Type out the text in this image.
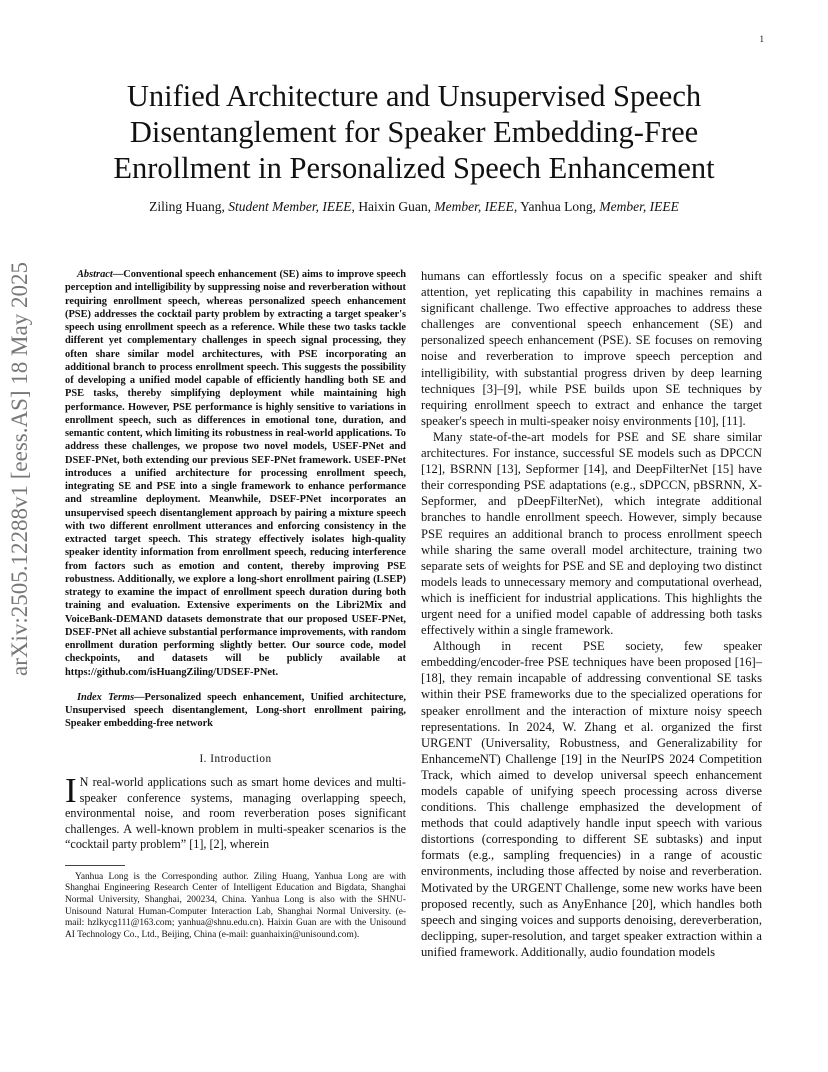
1
Unified Architecture and Unsupervised Speech Disentanglement for Speaker Embedding-Free Enrollment in Personalized Speech Enhancement
Ziling Huang, Student Member, IEEE, Haixin Guan, Member, IEEE, Yanhua Long, Member, IEEE
arXiv:2505.12288v1 [eess.AS] 18 May 2025	Abstract—Conventional speech enhancement (SE) aims to improve speech perception and intelligibility by suppressing noise and reverberation without requiring enrollment speech, whereas personalized speech enhancement (PSE) addresses the cocktail party problem by extracting a target speaker's speech using enrollment speech as a reference. While these two tasks tackle different yet complementary challenges in speech signal processing, they often share similar model architectures, with PSE incorporating an additional branch to process enrollment speech. This suggests the possibility of developing a unified model capable of efficiently handling both SE and PSE tasks, thereby simplifying deployment while maintaining high performance. However, PSE performance is highly sensitive to variations in enrollment speech, such as differences in emotional tone, duration, and semantic content, which limiting its robustness in real-world applications. To address these challenges, we propose two novel models, USEF-PNet and DSEF-PNet, both extending our previous SEF-PNet framework. USEF-PNet introduces a unified architecture for processing enrollment speech, integrating SE and PSE into a single framework to enhance performance and streamline deployment. Meanwhile, DSEF-PNet incorporates an unsupervised speech disentanglement approach by pairing a mixture speech with two different enrollment utterances and enforcing consistency in the extracted target speech. This strategy effectively isolates high-quality speaker identity information from enrollment speech, reducing interference from factors such as emotion and content, thereby improving PSE robustness. Additionally, we explore a long-short enrollment pairing (LSEP) strategy to examine the impact of enrollment speech duration during both training and evaluation. Extensive experiments on the Libri2Mix and VoiceBank-DEMAND datasets demonstrate that our proposed USEF-PNet, DSEF-PNet all achieve substantial performance improvements, with random enrollment duration performing slightly better. Our source code, model checkpoints, and datasets will be publicly available at https://github.com/isHuangZiling/UDSEF-PNet.

Index Terms—Personalized speech enhancement, Unified architecture, Unsupervised speech disentanglement, Long-short enrollment pairing, Speaker embedding-free network

I. Introduction

I N real-world applications such as smart home devices and multi-speaker conference systems, managing overlapping speech, environmental noise, and room reverberation poses significant challenges. A well-known problem in multi-speaker scenarios is the “cocktail party problem” [1], [2], wherein

Yanhua Long is the Corresponding author. Ziling Huang, Yanhua Long are with Shanghai Engineering Research Center of Intelligent Education and Bigdata, Shanghai Normal University, Shanghai, 200234, China. Yanhua Long is also with the SHNU-Unisound Natural Human-Computer Interaction Lab, Shanghai Normal University. (e-mail: hzlkycg111@163.com; yanhua@shnu.edu.cn). Haixin Guan are with the Unisound AI Technology Co., Ltd., Beijing, China (e-mail: guanhaixin@unisound.com).

humans can effortlessly focus on a specific speaker and shift attention, yet replicating this capability in machines remains a significant challenge. Two effective approaches to address these challenges are conventional speech enhancement (SE) and personalized speech enhancement (PSE). SE focuses on removing noise and reverberation to improve speech perception and intelligibility, with substantial progress driven by deep learning techniques [3]–[9], while PSE builds upon SE techniques by requiring enrollment speech to extract and enhance the target speaker's speech in multi-speaker noisy environments [10], [11].

Many state-of-the-art models for PSE and SE share similar architectures. For instance, successful SE models such as DPCCN [12], BSRNN [13], Sepformer [14], and DeepFilterNet [15] have their corresponding PSE adaptations (e.g., sDPCCN, pBSRNN, X-Sepformer, and pDeepFilterNet), which integrate additional branches to handle enrollment speech. However, simply because PSE requires an additional branch to process enrollment speech while sharing the same overall model architecture, training two separate sets of weights for PSE and SE and deploying two distinct models leads to unnecessary memory and computational overhead, which is inefficient for industrial applications. This highlights the urgent need for a unified model capable of addressing both tasks effectively within a single framework.

Although in recent PSE society, few speaker embedding/encoder-free PSE techniques have been proposed [16]–[18], they remain incapable of addressing conventional SE tasks within their PSE frameworks due to the specialized operations for speaker enrollment and the interaction of mixture noisy speech representations. In 2024, W. Zhang et al. organized the first URGENT (Universality, Robustness, and Generalizability for EnhancemeNT) Challenge [19] in the NeurIPS 2024 Competition Track, which aimed to develop universal speech enhancement models capable of unifying speech processing across diverse conditions. This challenge emphasized the development of methods that could adaptively handle input speech with various distortions (corresponding to different SE subtasks) and input formats (e.g., sampling frequencies) in a range of acoustic environments, including those affected by noise and reverberation. Motivated by the URGENT Challenge, some new works have been proposed recently, such as AnyEnhance [20], which handles both speech and singing voices and supports denoising, dereverberation, declipping, super-resolution, and target speaker extraction within a unified framework. Additionally, audio foundation models
